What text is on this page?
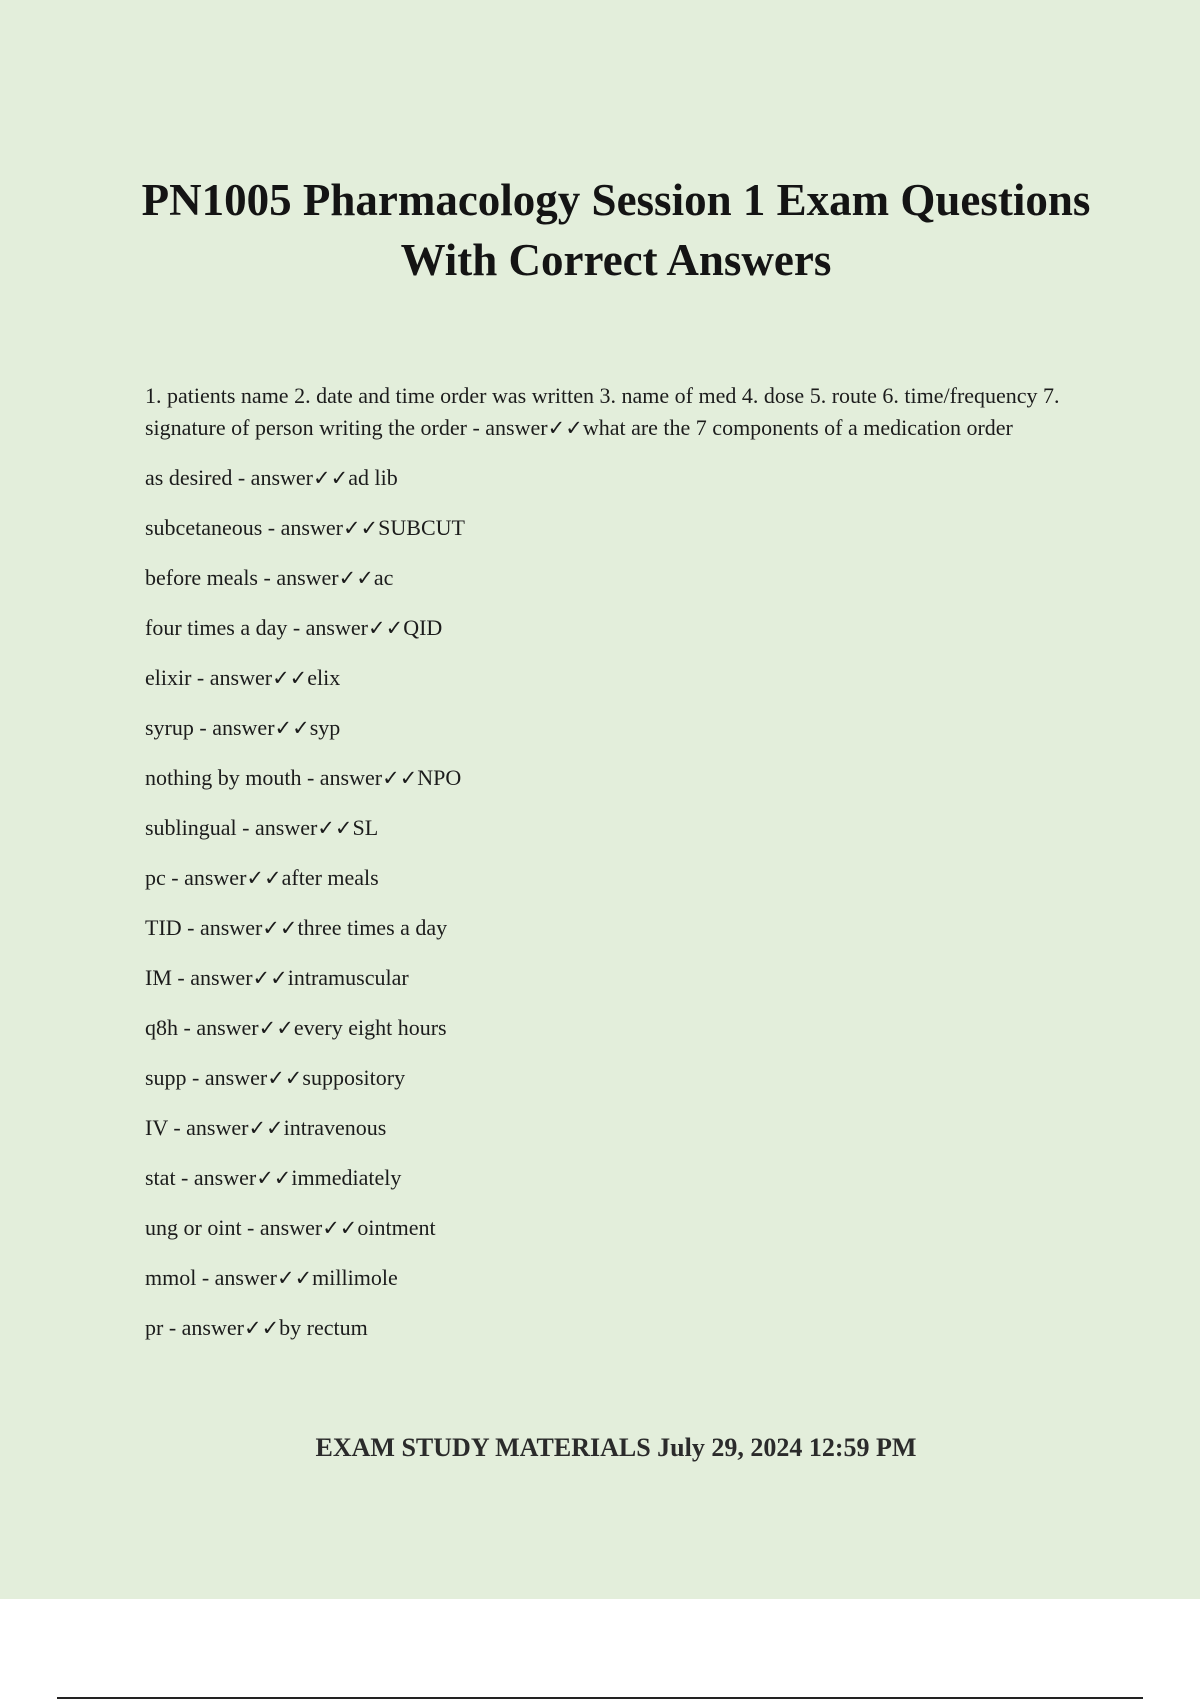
PN1005 Pharmacology Session 1 Exam Questions With Correct Answers

1. patients name 2. date and time order was written 3. name of med 4. dose 5. route 6. time/frequency 7. signature of person writing the order - answer✓✓what are the 7 components of a medication order

as desired - answer✓✓ad lib

subcetaneous - answer✓✓SUBCUT

before meals - answer✓✓ac

four times a day - answer✓✓QID

elixir - answer✓✓elix

syrup - answer✓✓syp

nothing by mouth - answer✓✓NPO

sublingual - answer✓✓SL

pc - answer✓✓after meals

TID - answer✓✓three times a day

IM - answer✓✓intramuscular

q8h - answer✓✓every eight hours

supp - answer✓✓suppository

IV - answer✓✓intravenous

stat - answer✓✓immediately

ung or oint - answer✓✓ointment

mmol - answer✓✓millimole

pr - answer✓✓by rectum

EXAM STUDY MATERIALS July 29, 2024 12:59 PM
